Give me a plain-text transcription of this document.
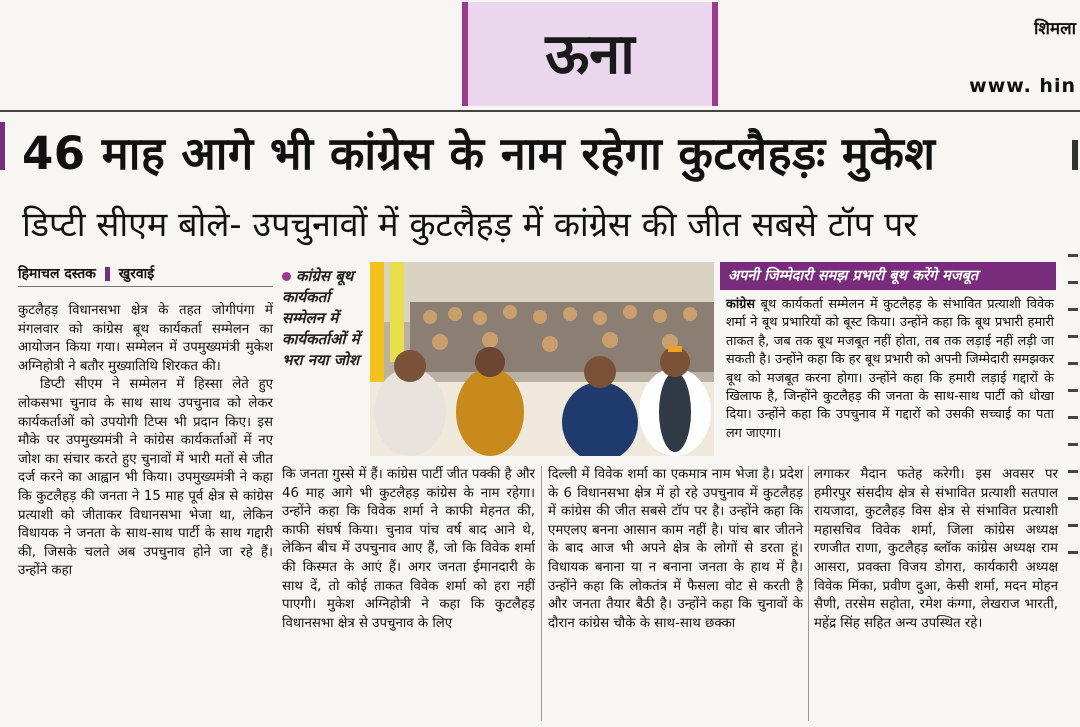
ऊना	शिमला
www. hin
46 माह आगे भी कांग्रेस के नाम रहेगा कुटलैहड़ः मुकेश
डिप्टी सीएम बोले- उपचुनावों में कुटलैहड़ में कांग्रेस की जीत सबसे टॉप पर
हिमाचल दस्तक खुरवाई

कुटलैहड़ विधानसभा क्षेत्र के तहत जोगीपंगा में मंगलवार को कांग्रेस बूथ कार्यकर्ता सम्मेलन का आयोजन किया गया। सम्मेलन में उपमुख्यमंत्री मुकेश अग्निहोत्री ने बतौर मुख्यातिथि शिरकत की।

डिप्टी सीएम ने सम्मेलन में हिस्सा लेते हुए लोकसभा चुनाव के साथ साथ उपचुनाव को लेकर कार्यकर्ताओं को उपयोगी टिप्स भी प्रदान किए। इस मौके पर उपमुख्यमंत्री ने कांग्रेस कार्यकर्ताओं में नए जोश का संचार करते हुए चुनावों में भारी मतों से जीत दर्ज करने का आह्वान भी किया। उपमुख्यमंत्री ने कहा कि कुटलैहड़ की जनता ने 15 माह पूर्व क्षेत्र से कांग्रेस प्रत्याशी को जीताकर विधानसभा भेजा था, लेकिन विधायक ने जनता के साथ-साथ पार्टी के साथ गद्दारी की, जिसके चलते अब उपचुनाव होने जा रहे हैं। उन्होंने कहा

कांग्रेस बूथ कार्यकर्ता सम्मेलन में कार्यकर्ताओं में भरा नया जोश
अपनी जिम्मेदारी समझ प्रभारी बूथ करेंगे मजबूत
कांग्रेस बूथ कार्यकर्ता सम्मेलन में कुटलैहड़ के संभावित प्रत्याशी विवेक शर्मा ने बूथ प्रभारियों को बूस्ट किया। उन्होंने कहा कि बूथ प्रभारी हमारी ताकत है, जब तक बूथ मजबूत नहीं होता, तब तक लड़ाई नहीं लड़ी जा सकती है। उन्होंने कहा कि हर बूथ प्रभारी को अपनी जिम्मेदारी समझकर बूथ को मजबूत करना होगा। उन्होंने कहा कि हमारी लड़ाई गद्दारों के खिलाफ है, जिन्होंने कुटलैहड़ की जनता के साथ-साथ पार्टी को धोखा दिया। उन्होंने कहा कि उपचुनाव में गद्दारों को उसकी सच्चाई का पता लग जाएगा।

कि जनता गुस्से में हैं। कांग्रेस पार्टी जीत पक्की है और 46 माह आगे भी कुटलैहड़ कांग्रेस के नाम रहेगा। उन्होंने कहा कि विवेक शर्मा ने काफी मेहनत की, काफी संघर्ष किया। चुनाव पांच वर्ष बाद आने थे, लेकिन बीच में उपचुनाव आए हैं, जो कि विवेक शर्मा की किस्मत के आएं हैं। अगर जनता ईमानदारी के साथ दें, तो कोई ताकत विवेक शर्मा को हरा नहीं पाएगी। मुकेश अग्निहोत्री ने कहा कि कुटलैहड़ विधानसभा क्षेत्र से उपचुनाव के लिए

दिल्ली में विवेक शर्मा का एकमात्र नाम भेजा है। प्रदेश के 6 विधानसभा क्षेत्र में हो रहे उपचुनाव में कुटलैहड़ में कांग्रेस की जीत सबसे टॉप पर है। उन्होंने कहा कि एमएलए बनना आसान काम नहीं है। पांच बार जीतने के बाद आज भी अपने क्षेत्र के लोगों से डरता हूं। विधायक बनाना या न बनाना जनता के हाथ में है। उन्होंने कहा कि लोकतंत्र में फैसला वोट से करती है और जनता तैयार बैठी है। उन्होंने कहा कि चुनावों के दौरान कांग्रेस चौके के साथ-साथ छक्का

लगाकर मैदान फतेह करेगी। इस अवसर पर हमीरपुर संसदीय क्षेत्र से संभावित प्रत्याशी सतपाल रायजादा, कुटलैहड़ विस क्षेत्र से संभावित प्रत्याशी महासचिव विवेक शर्मा, जिला कांग्रेस अध्यक्ष रणजीत राणा, कुटलैहड़ ब्लॉक कांग्रेस अध्यक्ष राम आसरा, प्रवक्ता विजय डोगरा, कार्यकारी अध्यक्ष विवेक मिंका, प्रवीण दुआ, केसी शर्मा, मदन मोहन सैणी, तरसेम सहोता, रमेश कंग्गा, लेखराज भारती, महेंद्र सिंह सहित अन्य उपस्थित रहे।
